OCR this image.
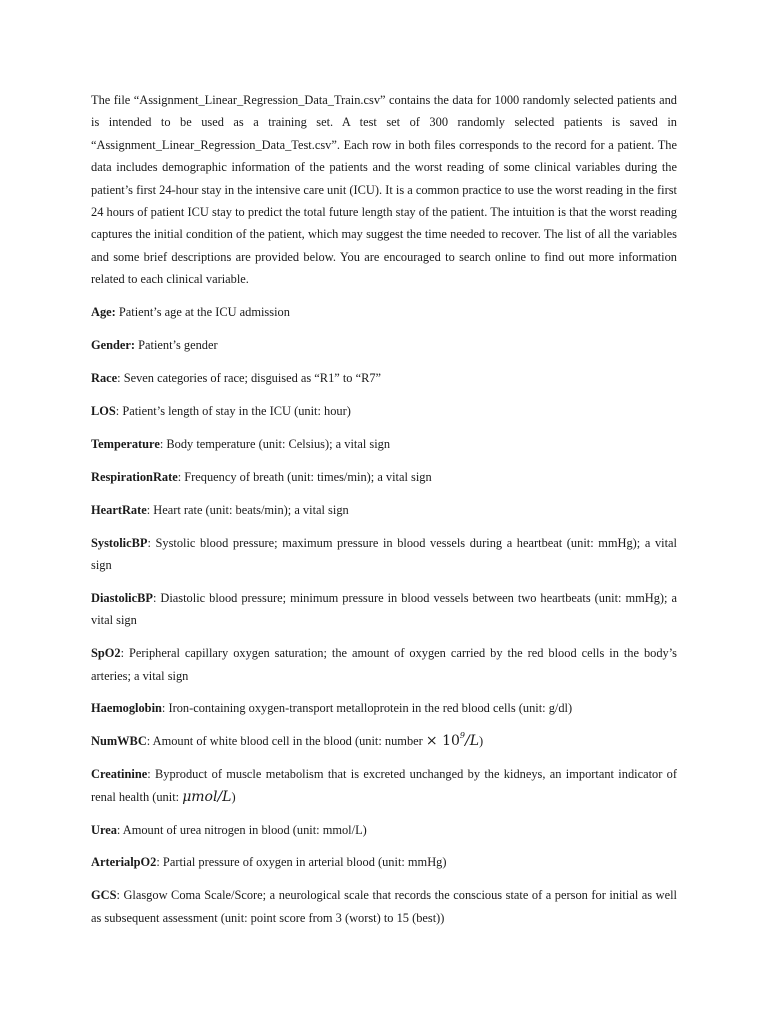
The file “Assignment_Linear_Regression_Data_Train.csv” contains the data for 1000 randomly selected patients and is intended to be used as a training set. A test set of 300 randomly selected patients is saved in “Assignment_Linear_Regression_Data_Test.csv”. Each row in both files corresponds to the record for a patient. The data includes demographic information of the patients and the worst reading of some clinical variables during the patient’s first 24-hour stay in the intensive care unit (ICU). It is a common practice to use the worst reading in the first 24 hours of patient ICU stay to predict the total future length stay of the patient. The intuition is that the worst reading captures the initial condition of the patient, which may suggest the time needed to recover. The list of all the variables and some brief descriptions are provided below. You are encouraged to search online to find out more information related to each clinical variable.

Age: Patient’s age at the ICU admission

Gender: Patient’s gender

Race: Seven categories of race; disguised as “R1” to “R7”

LOS: Patient’s length of stay in the ICU (unit: hour)

Temperature: Body temperature (unit: Celsius); a vital sign

RespirationRate: Frequency of breath (unit: times/min); a vital sign

HeartRate: Heart rate (unit: beats/min); a vital sign

SystolicBP: Systolic blood pressure; maximum pressure in blood vessels during a heartbeat (unit: mmHg); a vital sign

DiastolicBP: Diastolic blood pressure; minimum pressure in blood vessels between two heartbeats (unit: mmHg); a vital sign

SpO2: Peripheral capillary oxygen saturation; the amount of oxygen carried by the red blood cells in the body’s arteries; a vital sign

Haemoglobin: Iron-containing oxygen-transport metalloprotein in the red blood cells (unit: g/dl)

NumWBC: Amount of white blood cell in the blood (unit: number × $10^9/L$)

Creatinine: Byproduct of muscle metabolism that is excreted unchanged by the kidneys, an important indicator of renal health (unit: μmol/L)

Urea: Amount of urea nitrogen in blood (unit: mmol/L)

ArterialpO2: Partial pressure of oxygen in arterial blood (unit: mmHg)

GCS: Glasgow Coma Scale/Score; a neurological scale that records the conscious state of a person for initial as well as subsequent assessment (unit: point score from 3 (worst) to 15 (best))
